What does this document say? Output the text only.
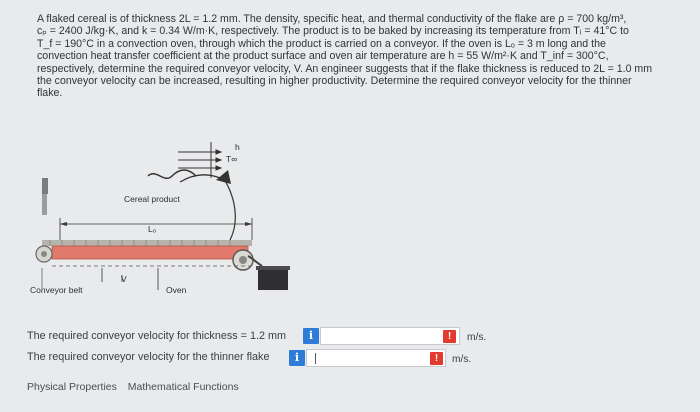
A flaked cereal is of thickness 2L = 1.2 mm. The density, specific heat, and thermal conductivity of the flake are ρ = 700 kg/m³,

cₚ = 2400 J/kg·K, and k = 0.34 W/m·K, respectively. The product is to be baked by increasing its temperature from Tᵢ = 41°C to

T_f = 190°C in a convection oven, through which the product is carried on a conveyor. If the oven is Lₒ = 3 m long and the

convection heat transfer coefficient at the product surface and oven air temperature are h = 55 W/m²·K and T_inf = 300°C,

respectively, determine the required conveyor velocity, V. An engineer suggests that if the flake thickness is reduced to 2L = 1.0 mm

the conveyor velocity can be increased, resulting in higher productivity. Determine the required conveyor velocity for the thinner

flake.

Cereal product
Lₒ
h
T∞
V
Conveyor belt	Oven
The required conveyor velocity for thickness = 1.2 mm	i	!	m/s.
The required conveyor velocity for the thinner flake	i	!	m/s.
Physical Properties Mathematical Functions
